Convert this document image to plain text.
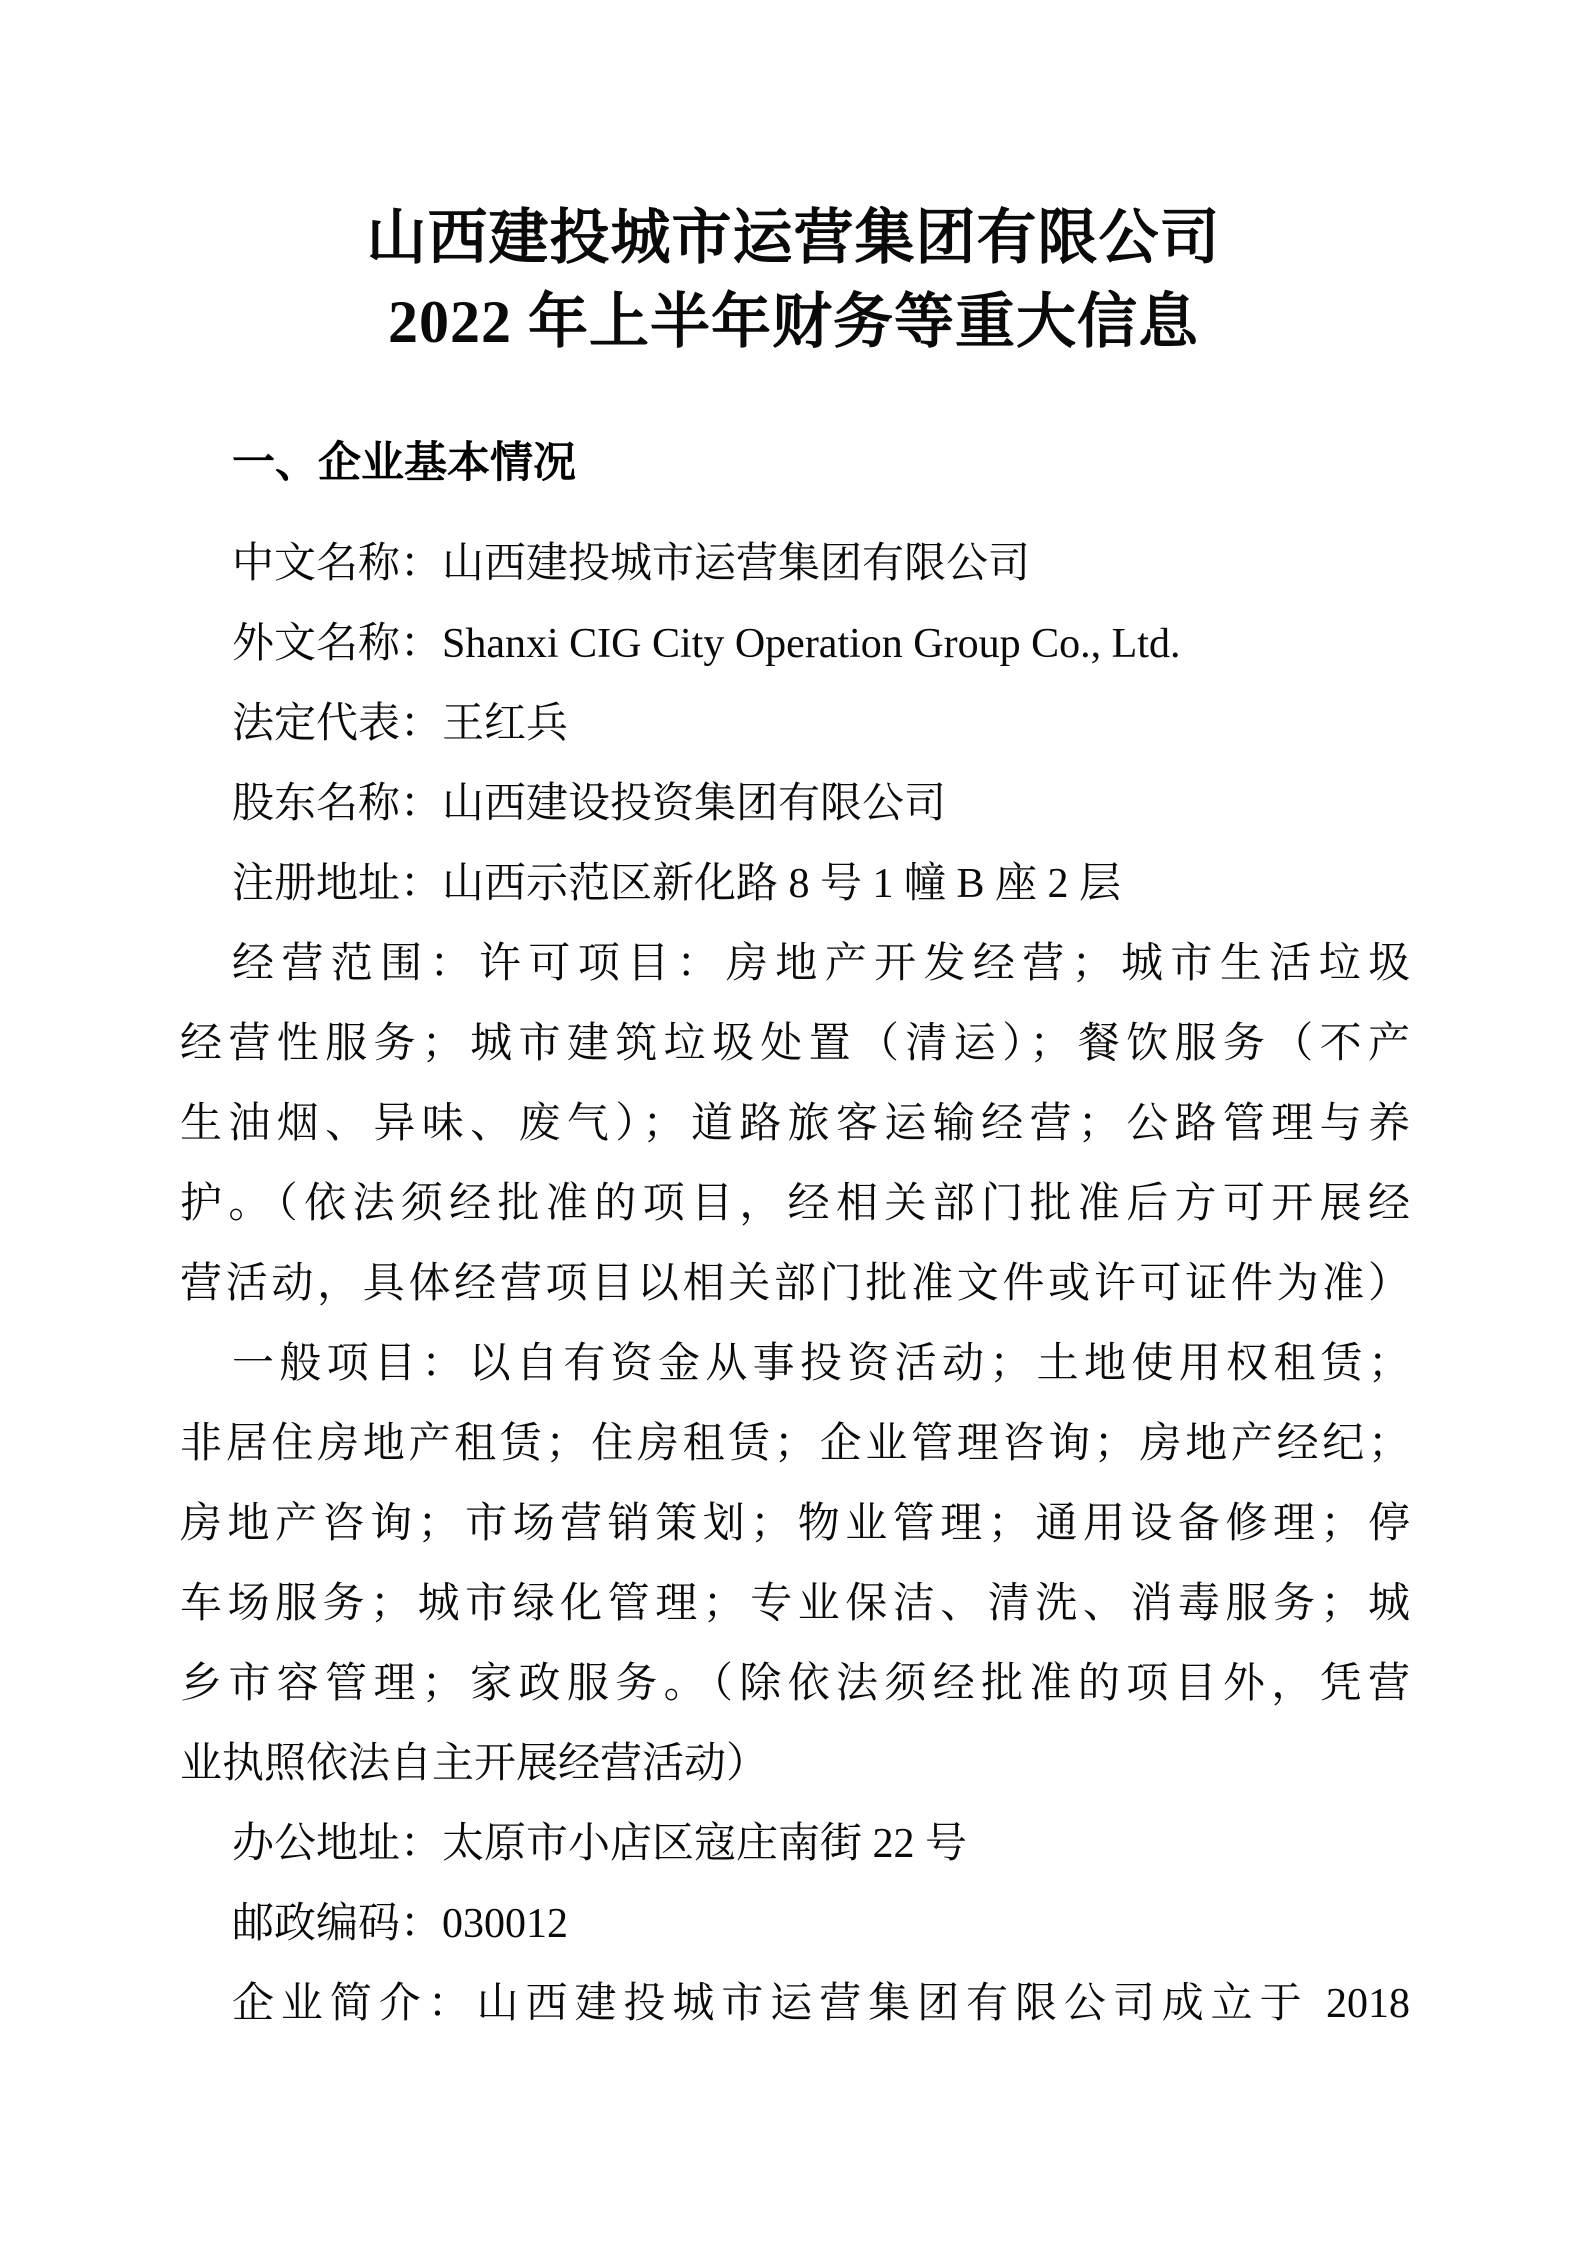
山西建投城市运营集团有限公司
2022 年上半年财务等重大信息
一、企业基本情况
中文名称：山西建投城市运营集团有限公司
外文名称：Shanxi CIG City Operation Group Co., Ltd.
法定代表：王红兵
股东名称：山西建设投资集团有限公司
注册地址：山西示范区新化路 8 号 1 幢 B 座 2 层
经营范围：许可项目：房地产开发经营；城市生活垃圾
经营性服务；城市建筑垃圾处置（清运）；餐饮服务（不产
生油烟、异味、废气）；道路旅客运输经营；公路管理与养
护。（依法须经批准的项目，经相关部门批准后方可开展经
营活动，具体经营项目以相关部门批准文件或许可证件为准）
一般项目：以自有资金从事投资活动；土地使用权租赁；
非居住房地产租赁；住房租赁；企业管理咨询；房地产经纪；
房地产咨询；市场营销策划；物业管理；通用设备修理；停
车场服务；城市绿化管理；专业保洁、清洗、消毒服务；城
乡市容管理；家政服务。（除依法须经批准的项目外，凭营
业执照依法自主开展经营活动）
办公地址：太原市小店区寇庄南街 22 号
邮政编码：030012
企业简介：山西建投城市运营集团有限公司成立于 2018
